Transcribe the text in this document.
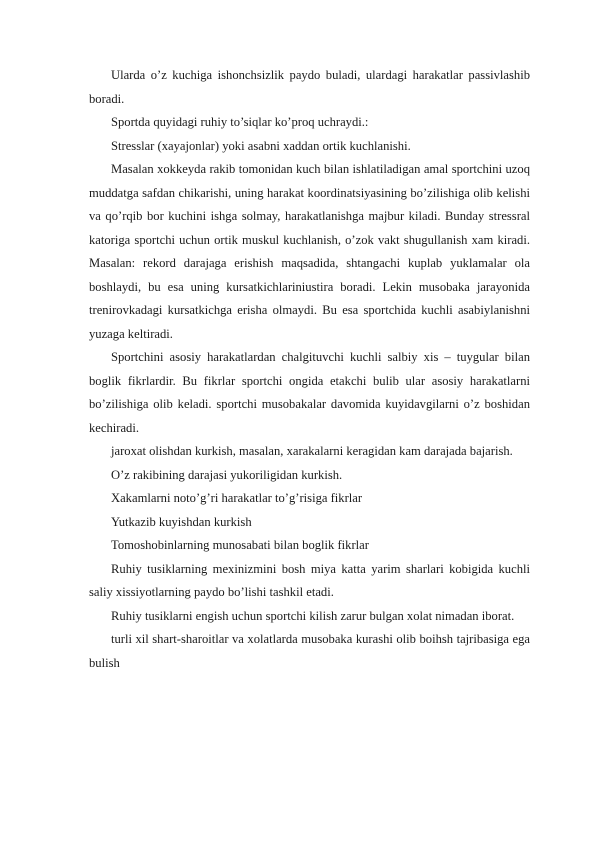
Ularda o’z kuchiga ishonchsizlik paydo buladi, ulardagi harakatlar passivlashib boradi.

Sportda quyidagi ruhiy to’siqlar ko’proq uchraydi.:

Stresslar (xayajonlar) yoki asabni xaddan ortik kuchlanishi.

Masalan xokkeyda rakib tomonidan kuch bilan ishlatiladigan amal sportchini uzoq muddatga safdan chikarishi, uning harakat koordinatsiyasining bo’zilishiga olib kelishi va qo’rqib bor kuchini ishga solmay, harakatlanishga majbur kiladi. Bunday stressral katoriga sportchi uchun ortik muskul kuchlanish, o’zok vakt shugullanish xam kiradi. Masalan: rekord darajaga erishish maqsadida, shtangachi kuplab yuklamalar ola boshlaydi, bu esa uning kursatkichlariniustira boradi. Lekin musobaka jarayonida trenirovkadagi kursatkichga erisha olmaydi. Bu esa sportchida kuchli asabiylanishni yuzaga keltiradi.

Sportchini asosiy harakatlardan chalgituvchi kuchli salbiy xis – tuygular bilan boglik fikrlardir. Bu fikrlar sportchi ongida etakchi bulib ular asosiy harakatlarni bo’zilishiga olib keladi. sportchi musobakalar davomida kuyidavgilarni o’z boshidan kechiradi.

jaroxat olishdan kurkish, masalan, xarakalarni keragidan kam darajada bajarish.

O’z rakibining darajasi yukoriligidan kurkish.

Xakamlarni noto’g’ri harakatlar to’g’risiga fikrlar

Yutkazib kuyishdan kurkish

Tomoshobinlarning munosabati bilan boglik fikrlar

Ruhiy tusiklarning mexinizmini bosh miya katta yarim sharlari kobigida kuchli saliy xissiyotlarning paydo bo’lishi tashkil etadi.

Ruhiy tusiklarni engish uchun sportchi kilish zarur bulgan xolat nimadan iborat.

turli xil shart-sharoitlar va xolatlarda musobaka kurashi olib boihsh tajribasiga ega bulish
